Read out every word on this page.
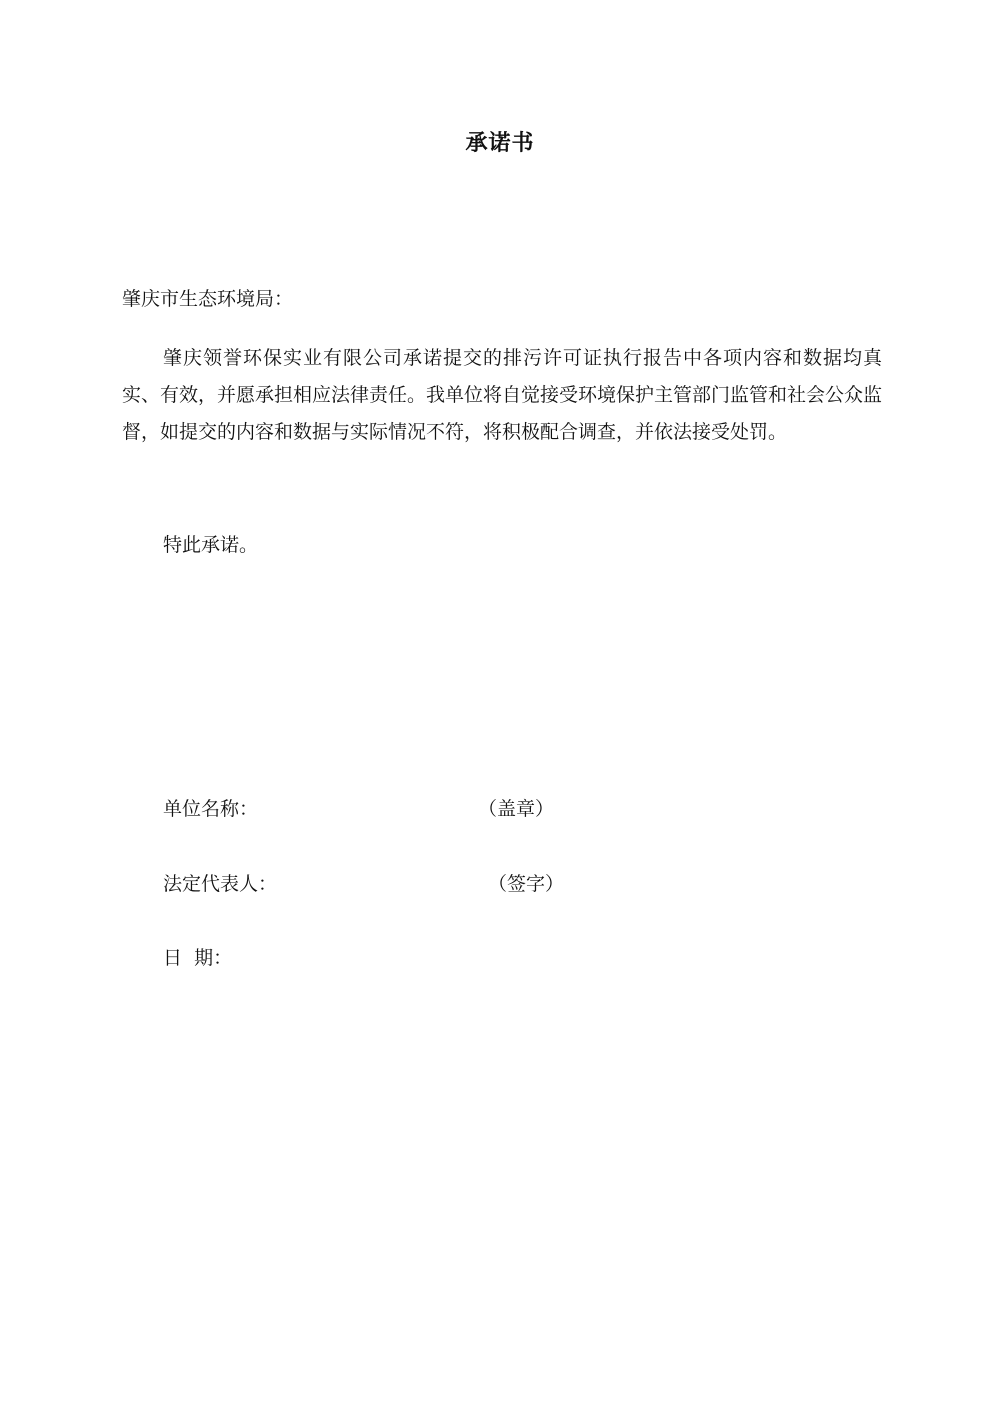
承诺书
肇庆市生态环境局：

肇庆领誉环保实业有限公司承诺提交的排污许可证执行报告中各项内容和数据均真实、有效，并愿承担相应法律责任。我单位将自觉接受环境保护主管部门监管和社会公众监督，如提交的内容和数据与实际情况不符，将积极配合调查，并依法接受处罚。

特此承诺。
单位名称：	（盖章）
法定代表人：	（签字）
日  期：
